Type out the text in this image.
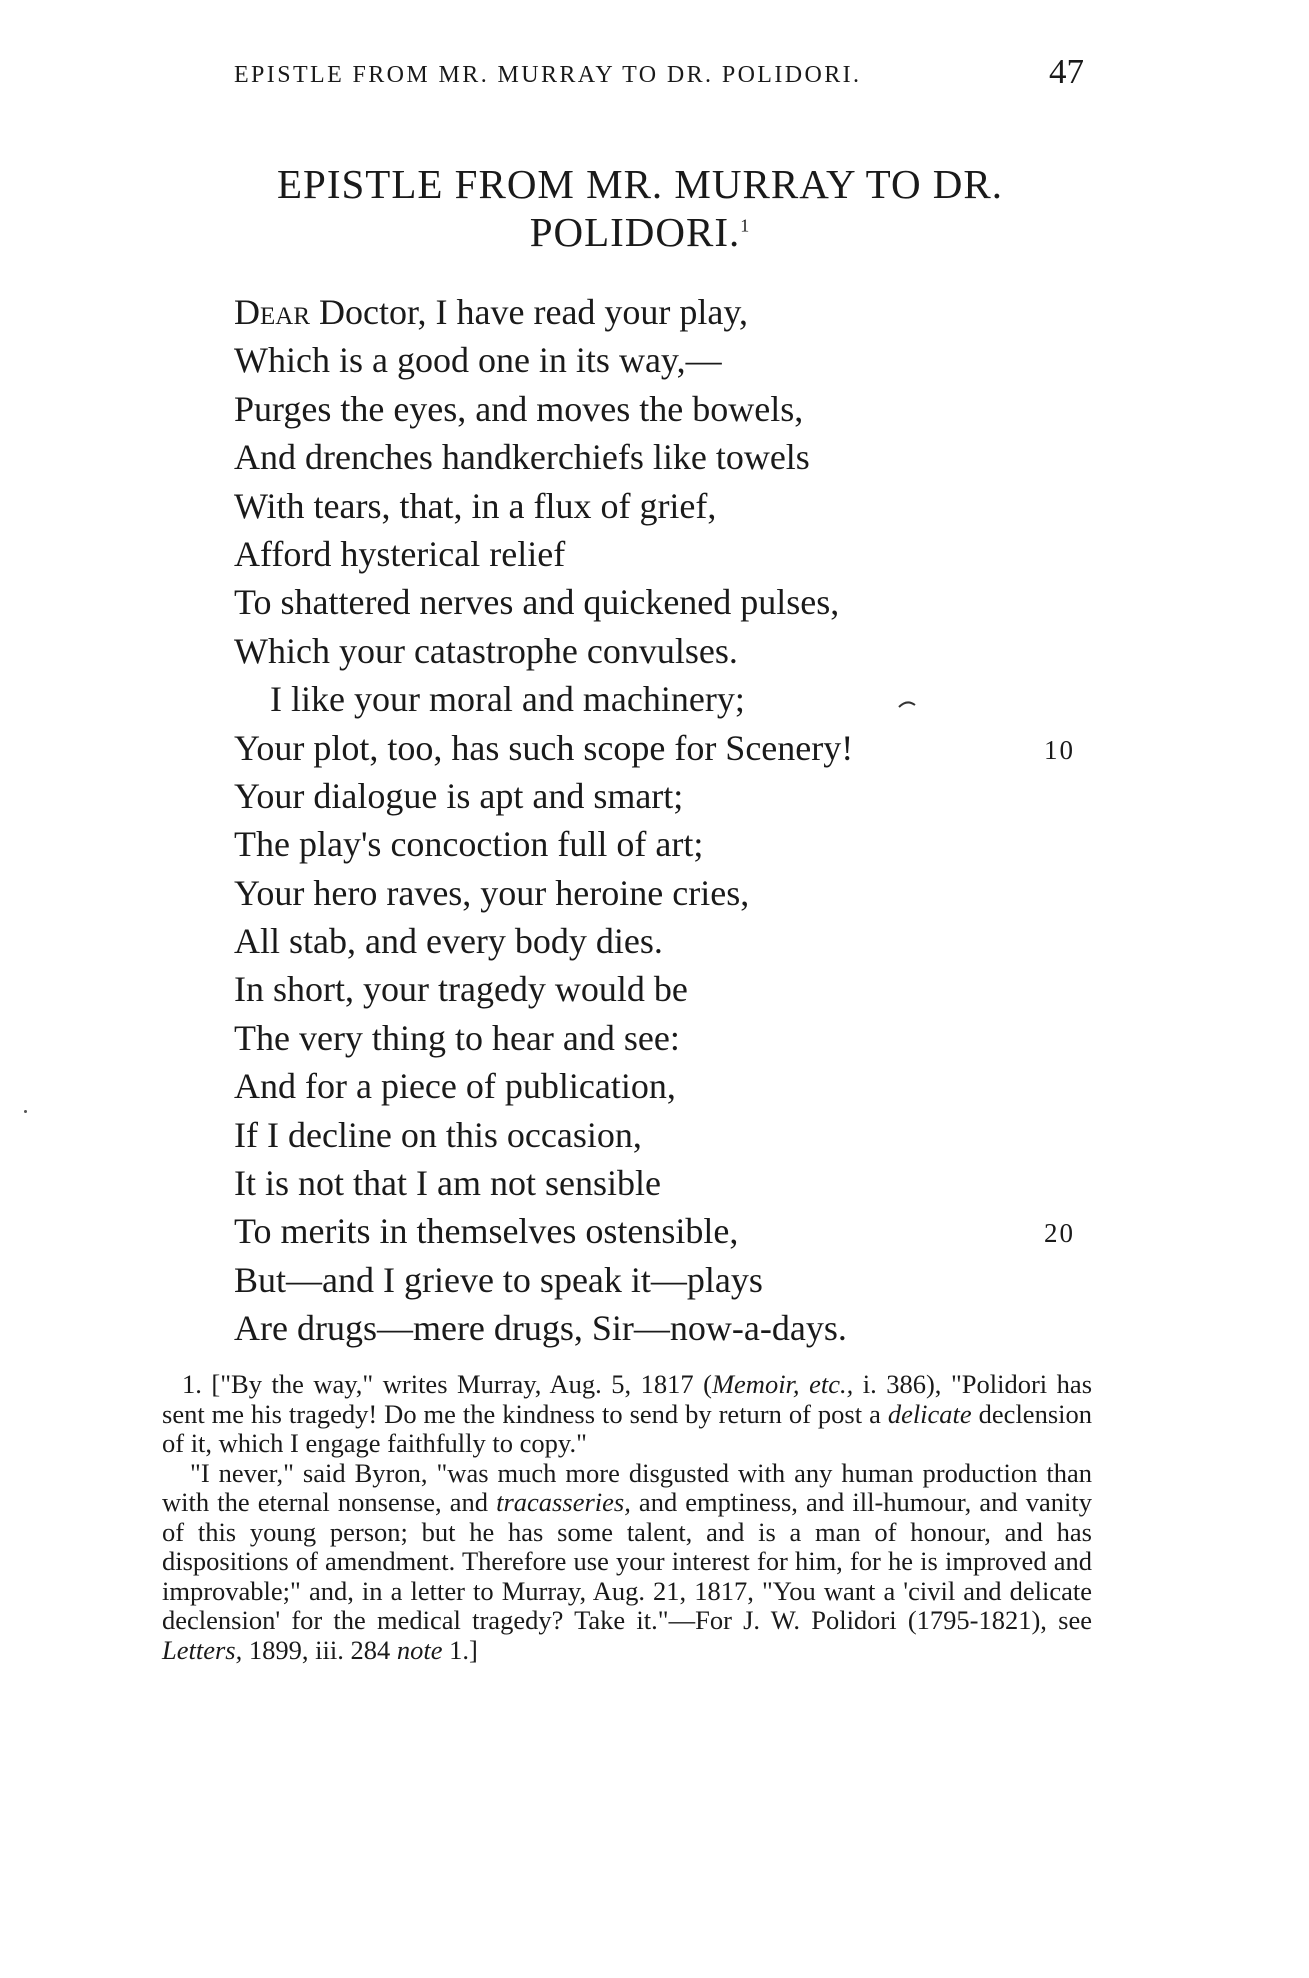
EPISTLE FROM MR. MURRAY TO DR. POLIDORI.	47
EPISTLE FROM MR. MURRAY TO DR.
POLIDORI.$^1$
Dear Doctor, I have read your play,
Which is a good one in its way,—
Purges the eyes, and moves the bowels,
And drenches handkerchiefs like towels
With tears, that, in a flux of grief,
Afford hysterical relief
To shattered nerves and quickened pulses,
Which your catastrophe convulses.
I like your moral and machinery;
Your plot, too, has such scope for Scenery!	10
Your dialogue is apt and smart;
The play's concoction full of art;
Your hero raves, your heroine cries,
All stab, and every body dies.
In short, your tragedy would be
The very thing to hear and see:
And for a piece of publication,
If I decline on this occasion,
It is not that I am not sensible
To merits in themselves ostensible,	20
But—and I grieve to speak it—plays
Are drugs—mere drugs, Sir—now-a-days.

1. ["By the way," writes Murray, Aug. 5, 1817 (Memoir, etc., i. 386), "Polidori has sent me his tragedy! Do me the kindness to send by return of post a delicate declension of it, which I engage faithfully to copy."

"I never," said Byron, "was much more disgusted with any human production than with the eternal nonsense, and tracasseries, and emptiness, and ill-humour, and vanity of this young person; but he has some talent, and is a man of honour, and has dispositions of amendment. Therefore use your interest for him, for he is improved and improvable;" and, in a letter to Murray, Aug. 21, 1817, "You want a 'civil and delicate declension' for the medical tragedy? Take it."—For J. W. Polidori (1795-1821), see Letters, 1899, iii. 284 note 1.]
